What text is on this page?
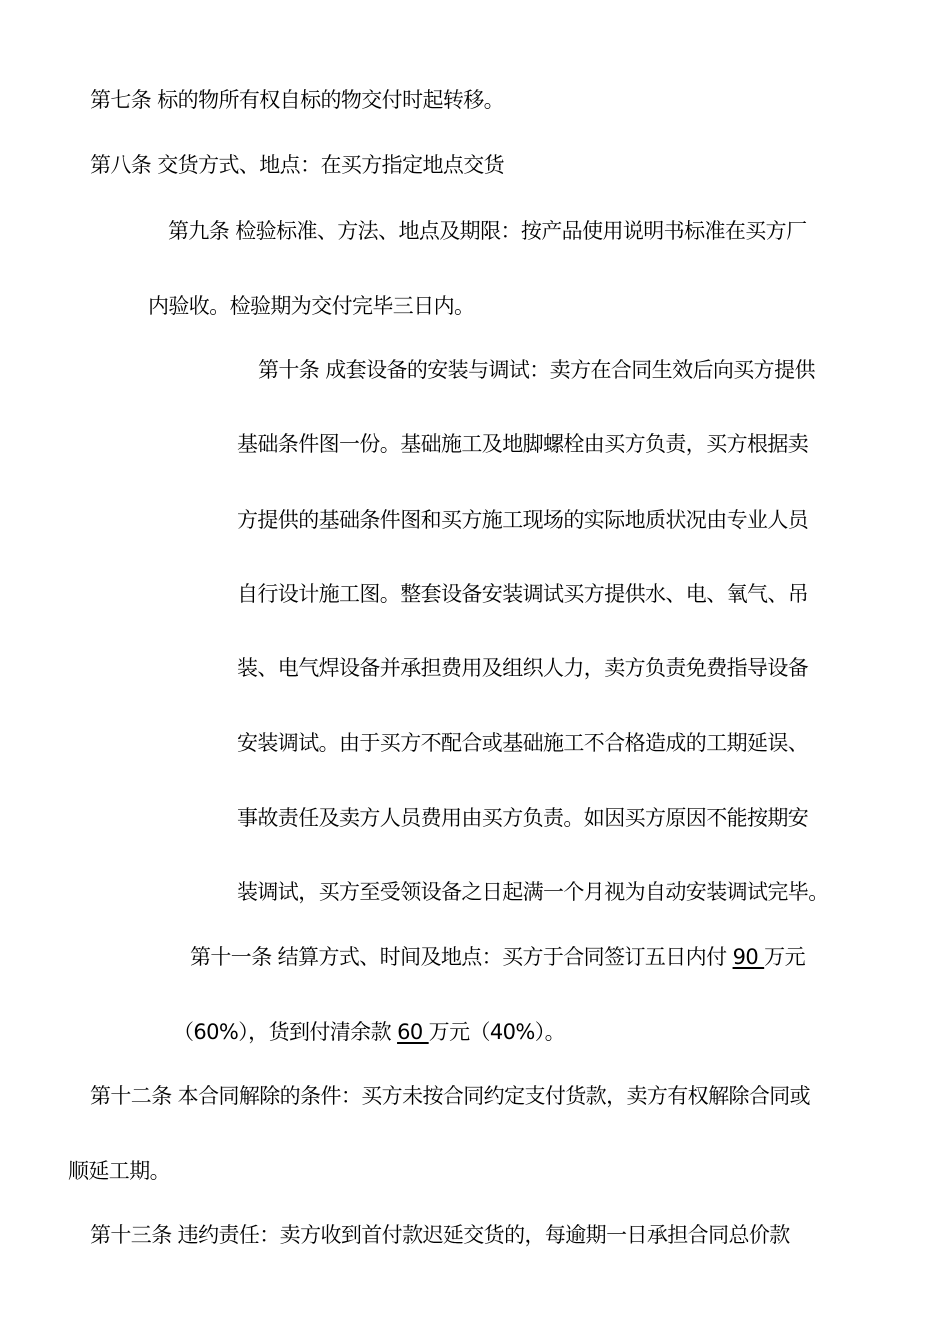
第七条 标的物所有权自标的物交付时起转移。
第八条 交货方式、地点：在买方指定地点交货
第九条 检验标准、方法、地点及期限：按产品使用说明书标准在买方厂
内验收。检验期为交付完毕三日内。
第十条 成套设备的安装与调试：卖方在合同生效后向买方提供
基础条件图一份。基础施工及地脚螺栓由买方负责，买方根据卖
方提供的基础条件图和买方施工现场的实际地质状况由专业人员
自行设计施工图。整套设备安装调试买方提供水、电、氧气、吊
装、电气焊设备并承担费用及组织人力，卖方负责免费指导设备
安装调试。由于买方不配合或基础施工不合格造成的工期延误、
事故责任及卖方人员费用由买方负责。如因买方原因不能按期安
装调试，买方至受领设备之日起满一个月视为自动安装调试完毕。
第十一条 结算方式、时间及地点：买方于合同签订五日内付 90 万元
（60%），货到付清余款 60 万元（40%）。
第十二条 本合同解除的条件：买方未按合同约定支付货款，卖方有权解除合同或
顺延工期。
第十三条 违约责任：卖方收到首付款迟延交货的，每逾期一日承担合同总价款
